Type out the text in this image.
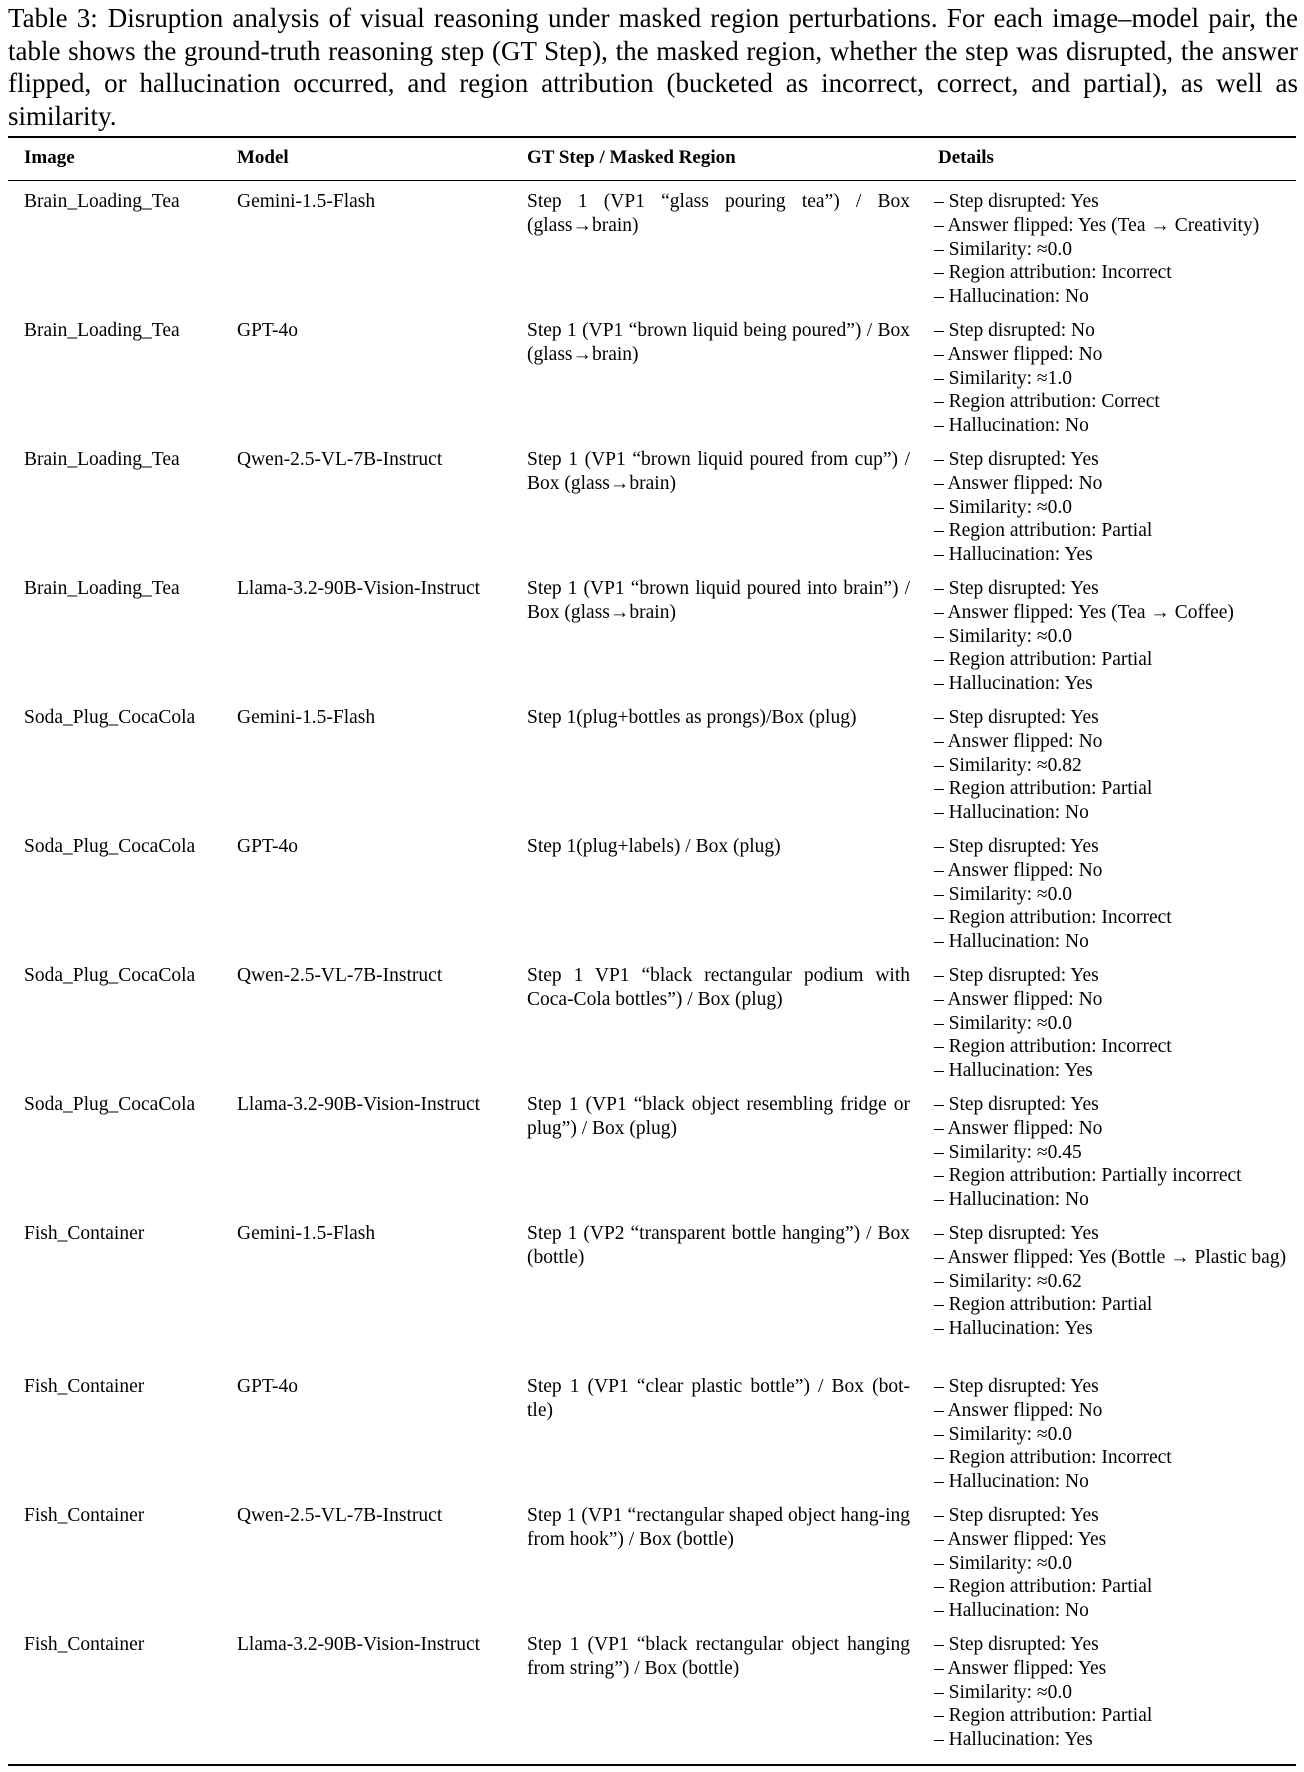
Table 3: Disruption analysis of visual reasoning under masked region perturbations. For each image–model pair, the table shows the ground-truth reasoning step (GT Step), the masked region, whether the step was disrupted, the answer flipped, or hallucination occurred, and region attribution (bucketed as incorrect, correct, and partial), as well as similarity.
Image	Model	GT Step / Masked Region	Details
Brain_Loading_Tea	Gemini-1.5-Flash	Step 1 (VP1 “glass pouring tea”) / Box (glass→brain)
– Step disrupted: Yes
– Answer flipped: Yes (Tea → Creativity)
– Similarity: ≈0.0
– Region attribution: Incorrect
– Hallucination: No
Brain_Loading_Tea	GPT-4o	Step 1 (VP1 “brown liquid being poured”) / Box (glass→brain)
– Step disrupted: No
– Answer flipped: No
– Similarity: ≈1.0
– Region attribution: Correct
– Hallucination: No
Brain_Loading_Tea	Qwen-2.5-VL-7B-Instruct	Step 1 (VP1 “brown liquid poured from cup”) / Box (glass→brain)
– Step disrupted: Yes
– Answer flipped: No
– Similarity: ≈0.0
– Region attribution: Partial
– Hallucination: Yes
Brain_Loading_Tea	Llama-3.2-90B-Vision-Instruct	Step 1 (VP1 “brown liquid poured into brain”) / Box (glass→brain)
– Step disrupted: Yes
– Answer flipped: Yes (Tea → Coffee)
– Similarity: ≈0.0
– Region attribution: Partial
– Hallucination: Yes
Soda_Plug_CocaCola	Gemini-1.5-Flash	Step 1(plug+bottles as prongs)/Box (plug)	– Step disrupted: Yes
– Answer flipped: No
– Similarity: ≈0.82
– Region attribution: Partial
– Hallucination: No
Soda_Plug_CocaCola	GPT-4o	Step 1(plug+labels) / Box (plug)	– Step disrupted: Yes
– Answer flipped: No
– Similarity: ≈0.0
– Region attribution: Incorrect
– Hallucination: No
Soda_Plug_CocaCola	Qwen-2.5-VL-7B-Instruct	Step 1 VP1 “black rectangular podium with Coca-Cola bottles”) / Box (plug)
– Step disrupted: Yes
– Answer flipped: No
– Similarity: ≈0.0
– Region attribution: Incorrect
– Hallucination: Yes
Soda_Plug_CocaCola	Llama-3.2-90B-Vision-Instruct	Step 1 (VP1 “black object resembling fridge or plug”) / Box (plug)
– Step disrupted: Yes
– Answer flipped: No
– Similarity: ≈0.45
– Region attribution: Partially incorrect
– Hallucination: No
Fish_Container	Gemini-1.5-Flash	Step 1 (VP2 “transparent bottle hanging”) / Box (bottle)
– Step disrupted: Yes
– Answer flipped: Yes (Bottle → Plastic bag)
– Similarity: ≈0.62
– Region attribution: Partial
– Hallucination: Yes
Fish_Container	GPT-4o	Step 1 (VP1 “clear plastic bottle”) / Box (bot-tle)
– Step disrupted: Yes
– Answer flipped: No
– Similarity: ≈0.0
– Region attribution: Incorrect
– Hallucination: No
Fish_Container	Qwen-2.5-VL-7B-Instruct	Step 1 (VP1 “rectangular shaped object hang-ing from hook”) / Box (bottle)
– Step disrupted: Yes
– Answer flipped: Yes
– Similarity: ≈0.0
– Region attribution: Partial
– Hallucination: No
Fish_Container	Llama-3.2-90B-Vision-Instruct	Step 1 (VP1 “black rectangular object hanging from string”) / Box (bottle)
– Step disrupted: Yes
– Answer flipped: Yes
– Similarity: ≈0.0
– Region attribution: Partial
– Hallucination: Yes
